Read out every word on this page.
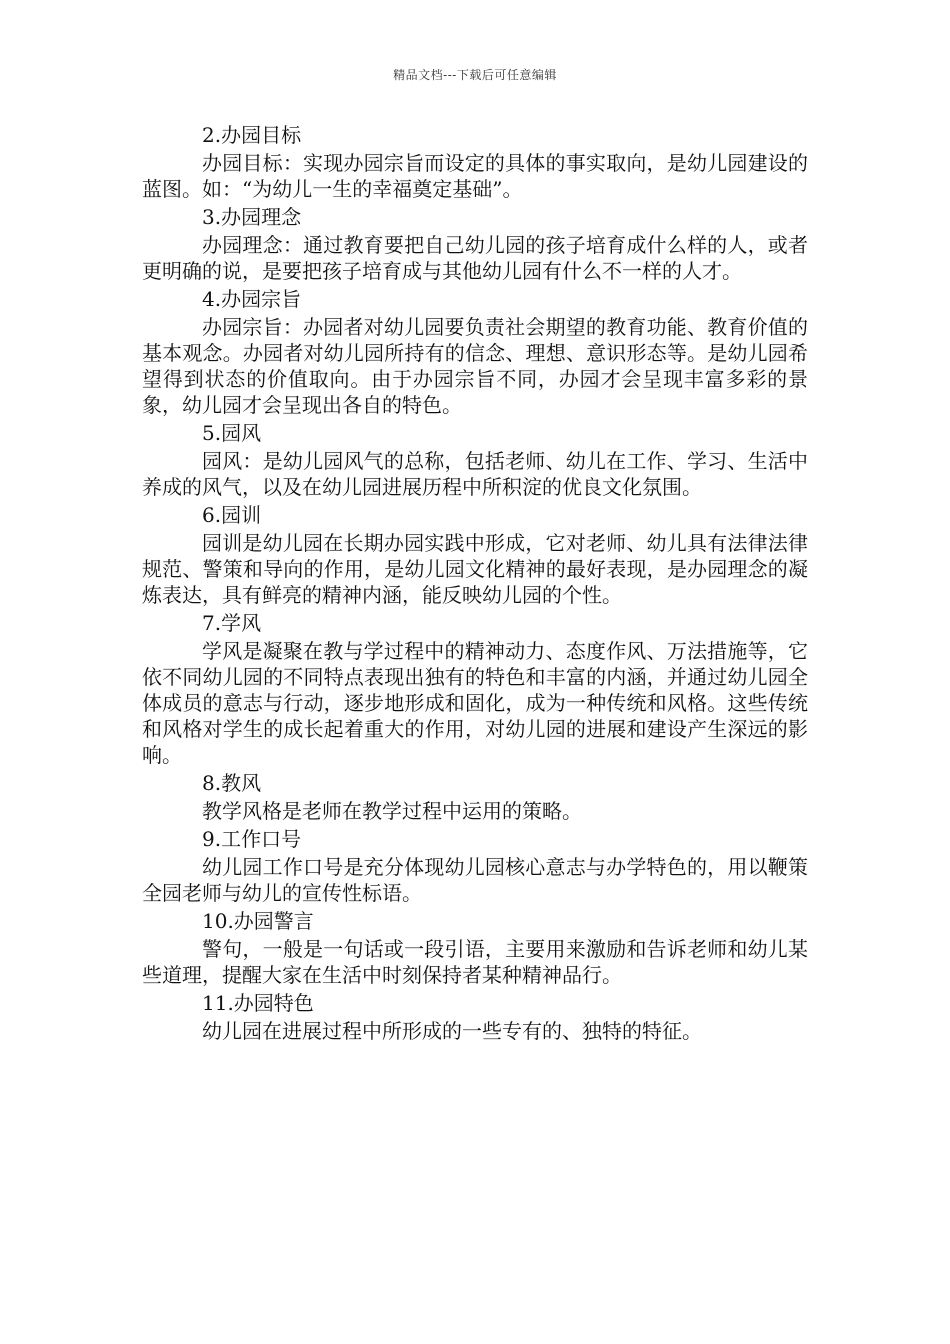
精品文档---下载后可任意编辑
2.办园目标
办园目标：实现办园宗旨而设定的具体的事实取向，是幼儿园建设的蓝图。如：“为幼儿一生的幸福奠定基础”。
3.办园理念
办园理念：通过教育要把自己幼儿园的孩子培育成什么样的人，或者更明确的说，是要把孩子培育成与其他幼儿园有什么不一样的人才。
4.办园宗旨
办园宗旨：办园者对幼儿园要负责社会期望的教育功能、教育价值的基本观念。办园者对幼儿园所持有的信念、理想、意识形态等。是幼儿园希望得到状态的价值取向。由于办园宗旨不同，办园才会呈现丰富多彩的景象，幼儿园才会呈现出各自的特色。
5.园风
园风：是幼儿园风气的总称，包括老师、幼儿在工作、学习、生活中养成的风气，以及在幼儿园进展历程中所积淀的优良文化氛围。
6.园训
园训是幼儿园在长期办园实践中形成，它对老师、幼儿具有法律法律规范、警策和导向的作用，是幼儿园文化精神的最好表现，是办园理念的凝炼表达，具有鲜亮的精神内涵，能反映幼儿园的个性。
7.学风
学风是凝聚在教与学过程中的精神动力、态度作风、万法措施等，它依不同幼儿园的不同特点表现出独有的特色和丰富的内涵，并通过幼儿园全体成员的意志与行动，逐步地形成和固化，成为一种传统和风格。这些传统和风格对学生的成长起着重大的作用，对幼儿园的进展和建设产生深远的影响。
8.教风
教学风格是老师在教学过程中运用的策略。
9.工作口号
幼儿园工作口号是充分体现幼儿园核心意志与办学特色的，用以鞭策全园老师与幼儿的宣传性标语。
10.办园警言
警句，一般是一句话或一段引语，主要用来激励和告诉老师和幼儿某些道理，提醒大家在生活中时刻保持者某种精神品行。
11.办园特色
幼儿园在进展过程中所形成的一些专有的、独特的特征。
